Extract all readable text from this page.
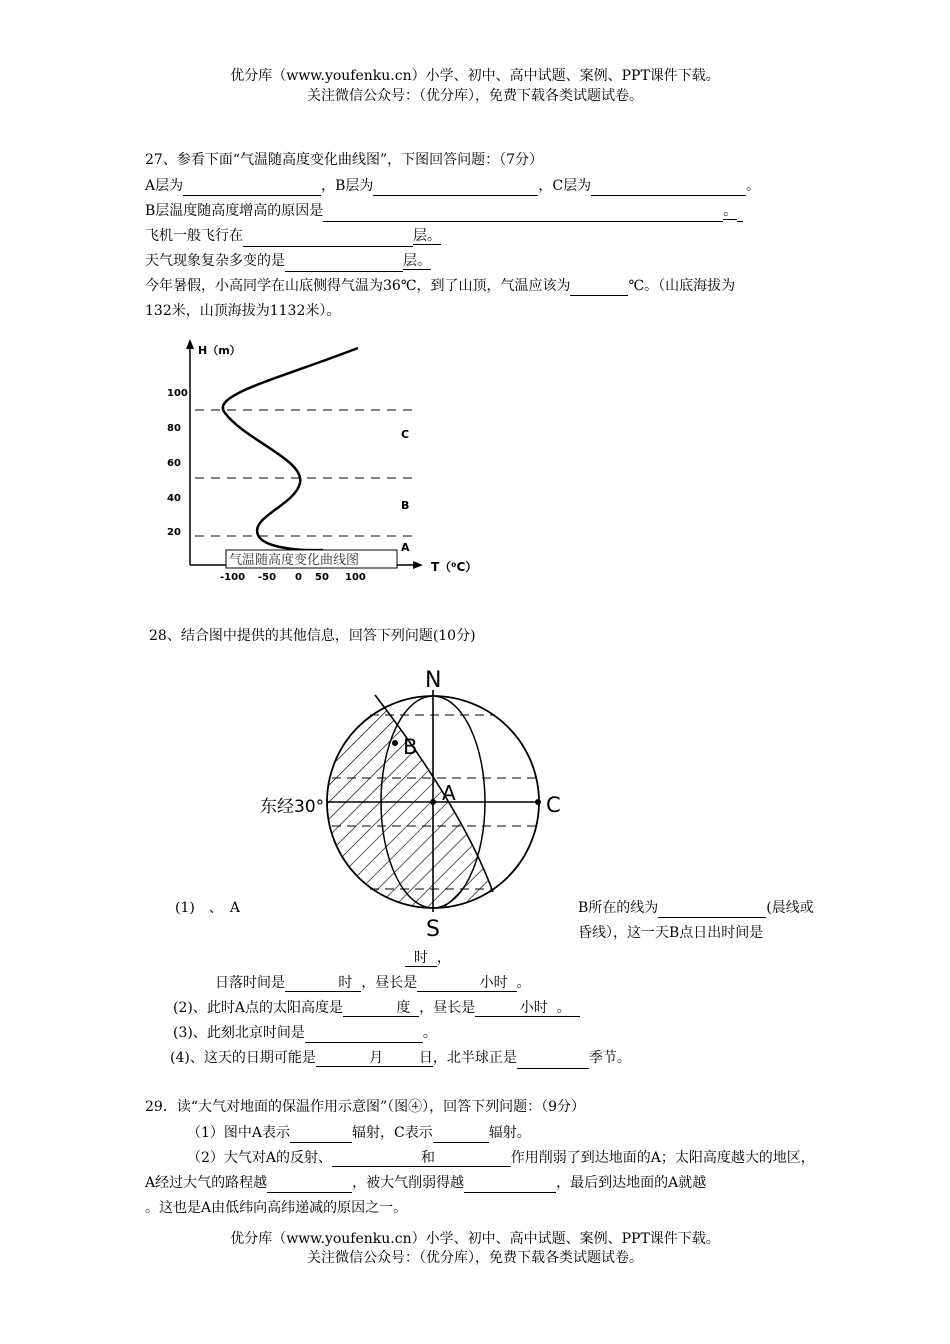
优分库（www.youfenku.cn）小学、初中、高中试题、案例、PPT课件下载。
关注微信公众号：（优分库），免费下载各类试题试卷。
27、参看下面“气温随高度变化曲线图”，下图回答问题：（7分）
A层为	，B层为	，C层为	。
B层温度随高度增高的原因是	。
飞机一般飞行在	层。
天气现象复杂多变的是	层。
今年暑假，小高同学在山底侧得气温为36℃，到了山顶，气温应该为	℃。（山底海拔为
132米，山顶海拔为1132米）。
H（m）
T（⁰C）
100
80
60
40
20
C
B
A
气温随高度变化曲线图
-100 -50 0 50 100
28、结合图中提供的其他信息，回答下列问题(10分)
N
S
B
A	C
东经30°
(1)　、　A	B所在的线为	(晨线或
昏线），这一天B点日出时间是
时 ，
日落时间是	时 ，昼长是	小时 。
(2)、此时A点的太阳高度是	度 ，昼长是	小时 。
(3)、此刻北京时间是	。
(4)、这天的日期可能是	月	日，北半球正是	季节。
29．读“大气对地面的保温作用示意图”（图④），回答下列问题：（9分）
（1）图中A表示	辐射，C表示	辐射。
（2）大气对A的反射、	和	作用削弱了到达地面的A；太阳高度越大的地区，
A经过大气的路程越	，被大气削弱得越	，最后到达地面的A就越
。这也是A由低纬向高纬递减的原因之一。
优分库（www.youfenku.cn）小学、初中、高中试题、案例、PPT课件下载。
关注微信公众号：（优分库），免费下载各类试题试卷。
